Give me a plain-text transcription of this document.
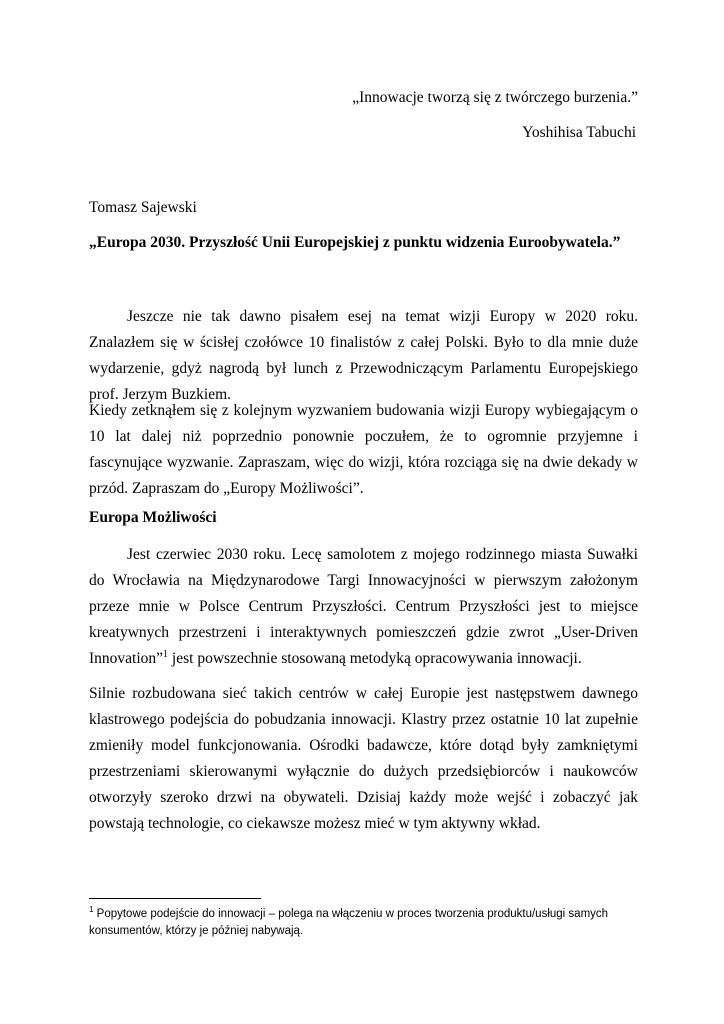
„Innowacje tworzą się z twórczego burzenia.”
Yoshihisa Tabuchi
Tomasz Sajewski
„Europa 2030. Przyszłość Unii Europejskiej z punktu widzenia Euroobywatela.”

Jeszcze nie tak dawno pisałem esej na temat wizji Europy w 2020 roku. Znalazłem się w ścisłej czołówce 10 finalistów z całej Polski. Było to dla mnie duże wydarzenie, gdyż nagrodą był lunch z Przewodniczącym Parlamentu Europejskiego prof. Jerzym Buzkiem.

Kiedy zetknąłem się z kolejnym wyzwaniem budowania wizji Europy wybiegającym o 10 lat dalej niż poprzednio ponownie poczułem, że to ogromnie przyjemne i fascynujące wyzwanie. Zapraszam, więc do wizji, która rozciąga się na dwie dekady w przód. Zapraszam do „Europy Możliwości”.

Europa Możliwości

Jest czerwiec 2030 roku. Lecę samolotem z mojego rodzinnego miasta Suwałki do Wrocławia na Międzynarodowe Targi Innowacyjności w pierwszym założonym przeze mnie w Polsce Centrum Przyszłości. Centrum Przyszłości jest to miejsce kreatywnych przestrzeni i interaktywnych pomieszczeń gdzie zwrot „User-Driven Innovation”$^1$ jest powszechnie stosowaną metodyką opracowywania innowacji.

Silnie rozbudowana sieć takich centrów w całej Europie jest następstwem dawnego klastrowego podejścia do pobudzania innowacji. Klastry przez ostatnie 10 lat zupełnie zmieniły model funkcjonowania. Ośrodki badawcze, które dotąd były zamkniętymi przestrzeniami skierowanymi wyłącznie do dużych przedsiębiorców i naukowców otworzyły szeroko drzwi na obywateli. Dzisiaj każdy może wejść i zobaczyć jak powstają technologie, co ciekawsze możesz mieć w tym aktywny wkład.

$^1$ Popytowe podejście do innowacji – polega na włączeniu w proces tworzenia produktu/usługi samych konsumentów, którzy je później nabywają.
